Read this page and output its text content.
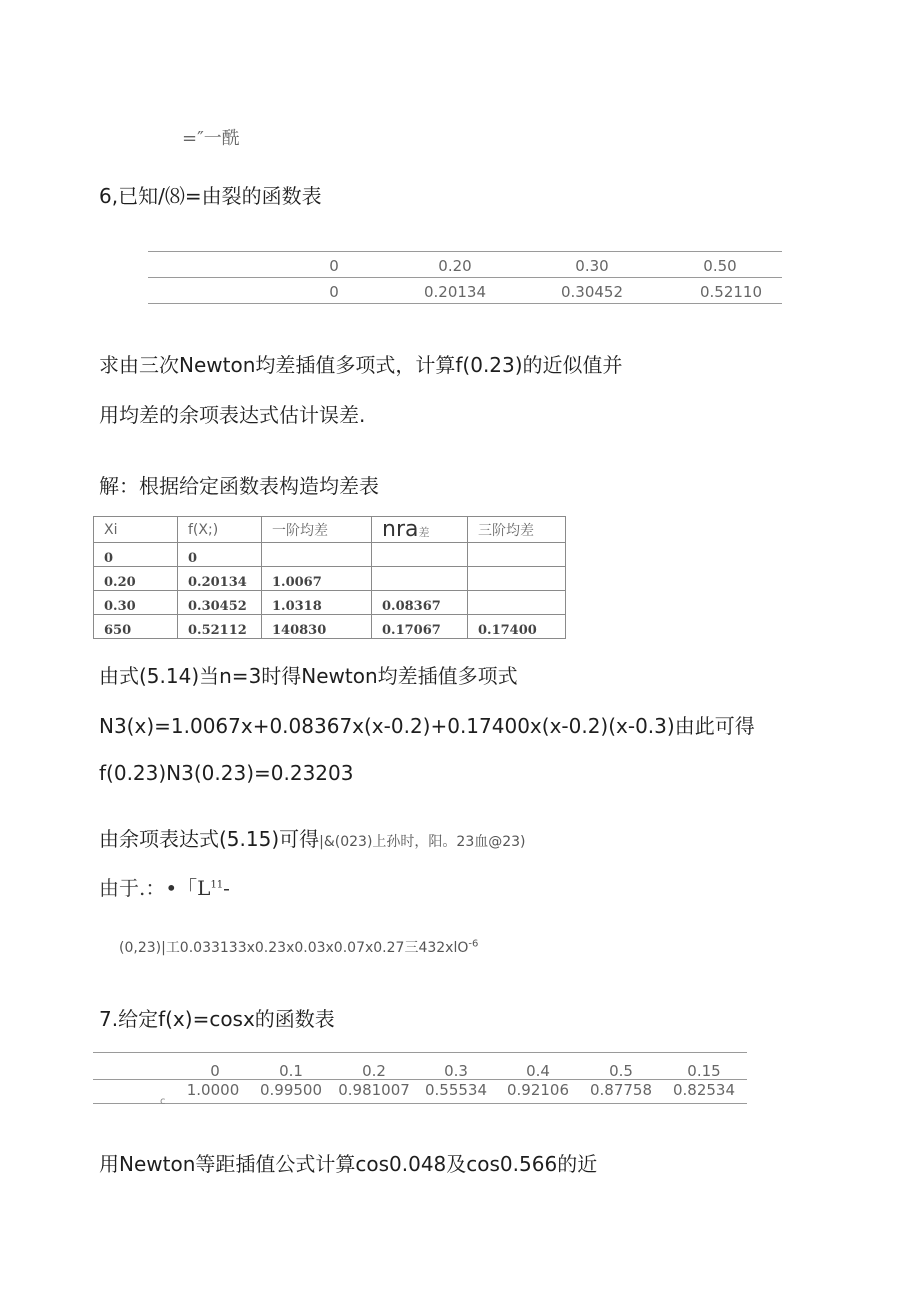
=″一酰
6,已知/⑻=由裂的函数表
0	0.20	0.30	0.50
0	0.20134	0.30452	0.52110
求由三次Newton均差插值多项式，计算f(0.23)的近似值并
用均差的余项表达式估计误差.
解：根据给定函数表构造均差表
Xi	f(X;)	一阶均差	nra差	三阶均差
0	0			
0.20	0.20134	1.0067		
0.30	0.30452	1.0318	0.08367	
650	0.52112	140830	0.17067	0.17400
由式(5.14)当n=3时得Newton均差插值多项式
N3(x)=1.0067x+0.08367x(x-0.2)+0.17400x(x-0.2)(x-0.3)由此可得
f(0.23)N3(0.23)=0.23203
由余项表达式(5.15)可得|&(023)上孙时，阳。23血@23)
由于.：•「$L^{11}-$
(0,23)|工0.033133x0.23x0.03x0.07x0.27三432xlO$^{-6}$
7.给定f(x)=cosx的函数表
0	0.1	0.2	0.3	0.4	0.5	0.15
1.0000 0.99500 0.981007 0.55534 0.92106 0.87758 0.82534
c
用Newton等距插值公式计算cos0.048及cos0.566的近
